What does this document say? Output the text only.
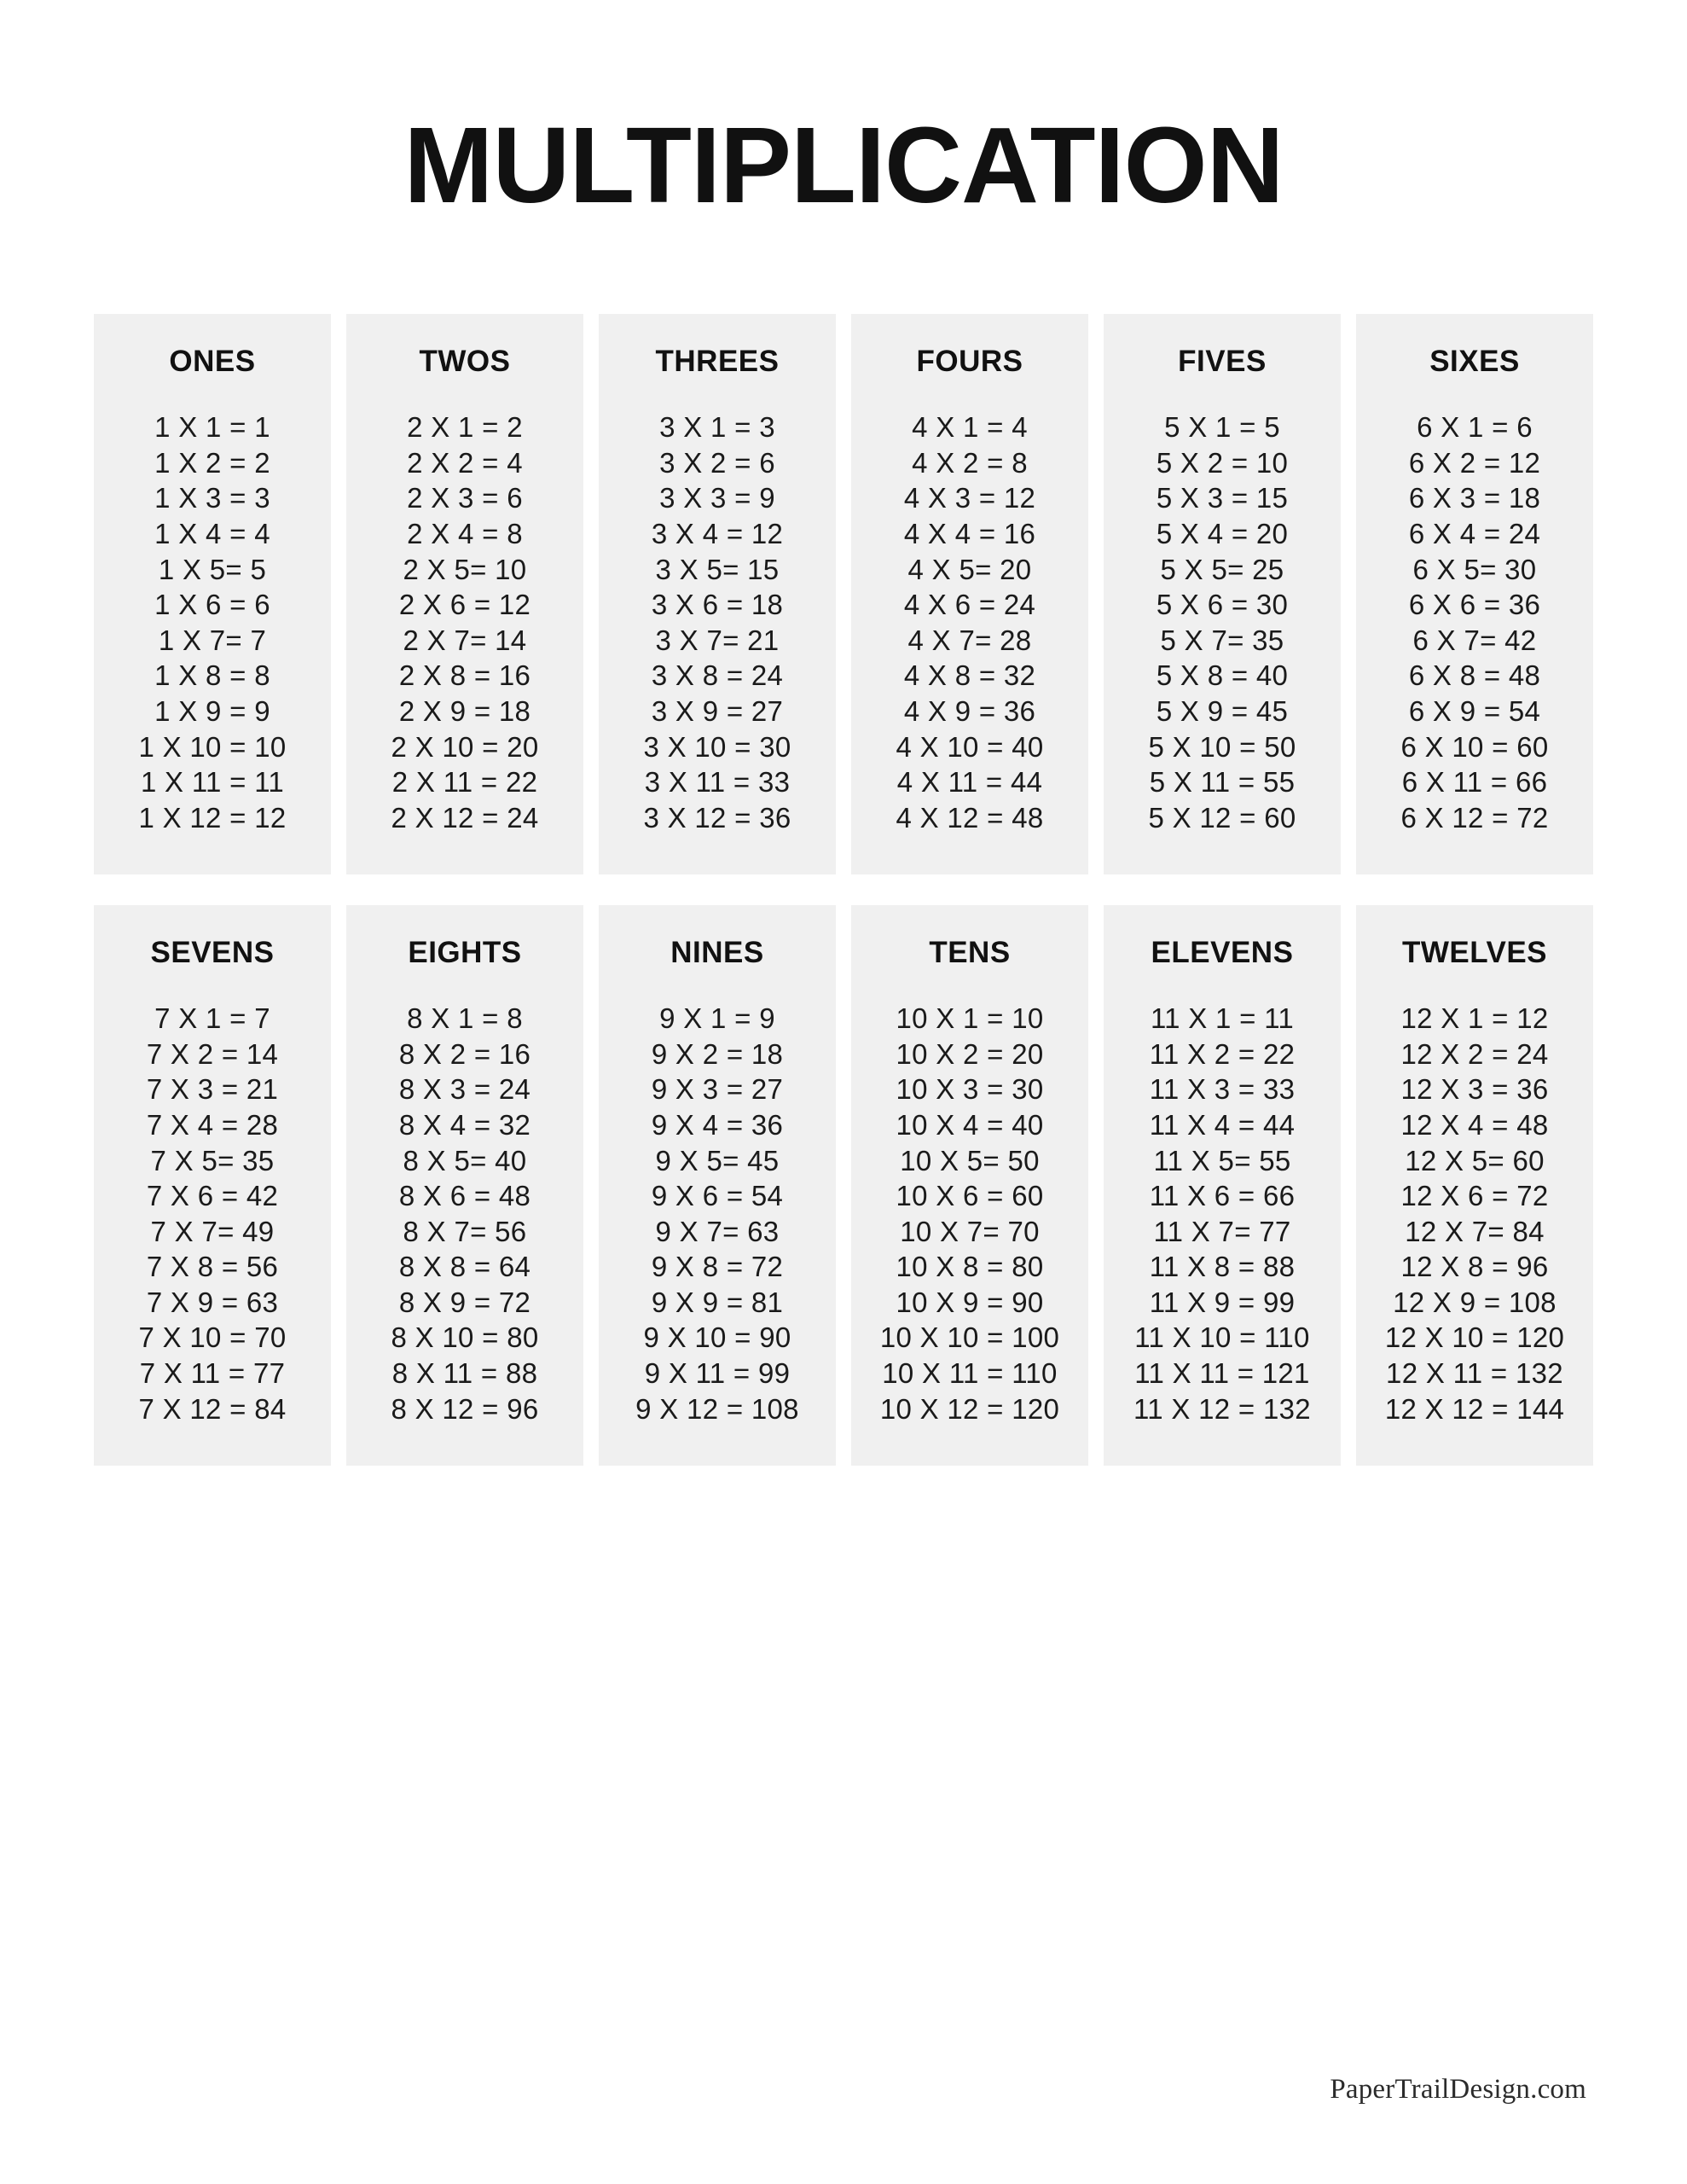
MULTIPLICATION
ONES
1 X 1 = 1
1 X 2 = 2
1 X 3 = 3
1 X 4 = 4
1 X 5= 5
1 X 6 = 6
1 X 7= 7
1 X 8 = 8
1 X 9 = 9
1 X 10 = 10
1 X 11 = 11
1 X 12 = 12
TWOS
2 X 1 = 2
2 X 2 = 4
2 X 3 = 6
2 X 4 = 8
2 X 5= 10
2 X 6 = 12
2 X 7= 14
2 X 8 = 16
2 X 9 = 18
2 X 10 = 20
2 X 11 = 22
2 X 12 = 24
THREES
3 X 1 = 3
3 X 2 = 6
3 X 3 = 9
3 X 4 = 12
3 X 5= 15
3 X 6 = 18
3 X 7= 21
3 X 8 = 24
3 X 9 = 27
3 X 10 = 30
3 X 11 = 33
3 X 12 = 36
FOURS
4 X 1 = 4
4 X 2 = 8
4 X 3 = 12
4 X 4 = 16
4 X 5= 20
4 X 6 = 24
4 X 7= 28
4 X 8 = 32
4 X 9 = 36
4 X 10 = 40
4 X 11 = 44
4 X 12 = 48
FIVES
5 X 1 = 5
5 X 2 = 10
5 X 3 = 15
5 X 4 = 20
5 X 5= 25
5 X 6 = 30
5 X 7= 35
5 X 8 = 40
5 X 9 = 45
5 X 10 = 50
5 X 11 = 55
5 X 12 = 60
SIXES
6 X 1 = 6
6 X 2 = 12
6 X 3 = 18
6 X 4 = 24
6 X 5= 30
6 X 6 = 36
6 X 7= 42
6 X 8 = 48
6 X 9 = 54
6 X 10 = 60
6 X 11 = 66
6 X 12 = 72
SEVENS
7 X 1 = 7
7 X 2 = 14
7 X 3 = 21
7 X 4 = 28
7 X 5= 35
7 X 6 = 42
7 X 7= 49
7 X 8 = 56
7 X 9 = 63
7 X 10 = 70
7 X 11 = 77
7 X 12 = 84
EIGHTS
8 X 1 = 8
8 X 2 = 16
8 X 3 = 24
8 X 4 = 32
8 X 5= 40
8 X 6 = 48
8 X 7= 56
8 X 8 = 64
8 X 9 = 72
8 X 10 = 80
8 X 11 = 88
8 X 12 = 96
NINES
9 X 1 = 9
9 X 2 = 18
9 X 3 = 27
9 X 4 = 36
9 X 5= 45
9 X 6 = 54
9 X 7= 63
9 X 8 = 72
9 X 9 = 81
9 X 10 = 90
9 X 11 = 99
9 X 12 = 108
TENS
10 X 1 = 10
10 X 2 = 20
10 X 3 = 30
10 X 4 = 40
10 X 5= 50
10 X 6 = 60
10 X 7= 70
10 X 8 = 80
10 X 9 = 90
10 X 10 = 100
10 X 11 = 110
10 X 12 = 120
ELEVENS
11 X 1 = 11
11 X 2 = 22
11 X 3 = 33
11 X 4 = 44
11 X 5= 55
11 X 6 = 66
11 X 7= 77
11 X 8 = 88
11 X 9 = 99
11 X 10 = 110
11 X 11 = 121
11 X 12 = 132
TWELVES
12 X 1 = 12
12 X 2 = 24
12 X 3 = 36
12 X 4 = 48
12 X 5= 60
12 X 6 = 72
12 X 7= 84
12 X 8 = 96
12 X 9 = 108
12 X 10 = 120
12 X 11 = 132
12 X 12 = 144
PaperTrailDesign.com
